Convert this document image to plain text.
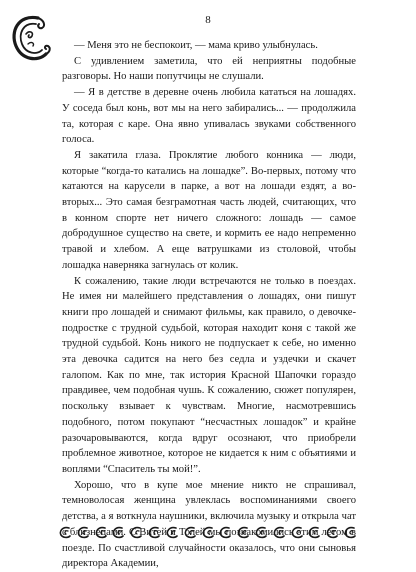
8

— Меня это не беспокоит, — мама криво улыбнулась.

С удивлением заметила, что ей неприятны подобные разговоры. Но наши попутчицы не слушали.

— Я в детстве в деревне очень любила кататься на лошадях. У соседа был конь, вот мы на него забирались... — продолжила та, которая с каре. Она явно упивалась звуками собственного голоса.

Я закатила глаза. Проклятие любого конника — люди, которые “когда-то катались на лошадке”. Во-первых, потому что катаются на карусели в парке, а вот на лошади ездят, а во-вторых... Это самая безграмотная часть людей, считающих, что в конном спорте нет ничего сложного: лошадь — самое добродушное существо на свете, и кормить ее надо непременно травой и хлебом. А еще ватрушками из столовой, чтобы лошадка наверняка загнулась от колик.

К сожалению, такие люди встречаются не только в поездах. Не имея ни малейшего представления о лошадях, они пишут книги про лошадей и снимают фильмы, как правило, о девочке-подростке с трудной судьбой, которая находит коня с такой же трудной судьбой. Конь никого не подпускает к себе, но именно эта девочка садится на него без седла и уздечки и скачет галопом. Как по мне, так история Красной Шапочки гораздо правдивее, чем подобная чушь. К сожалению, сюжет популярен, поскольку взывает к чувствам. Многие, насмотревшись подобного, потом покупают “несчастных лошадок” и крайне разочаровываются, когда вдруг осознают, что приобрели проблемное животное, которое не кидается к ним с объятиями и воплями “Спаситель ты мой!”.

Хорошо, что в купе мое мнение никто не спрашивал, темноволосая женщина увлеклась воспоминаниями своего детства, а я воткнула наушники, включила музыку и открыла чат с близнецами. С Витей и Толей мы познакомились этим летом в поезде. По счастливой случайности оказалось, что они сыновья директора Академии,
